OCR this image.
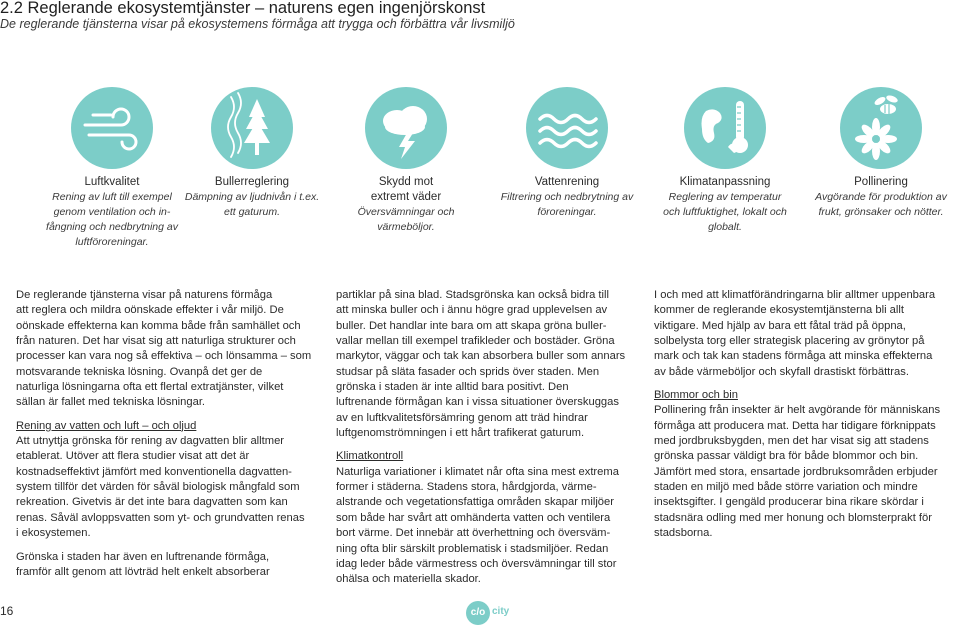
2.2 Reglerande ekosystemtjänster – naturens egen ingenjörskonst
De reglerande tjänsterna visar på ekosystemens förmåga att trygga och förbättra vår livsmiljö
Luftkvalitet
Rening av luft till exempel
genom ventilation och in-
fångning och nedbrytning av
luftföroreningar.
Bullerreglering
Dämpning av ljudnivån i t.ex.
ett gaturum.
Skydd mot
extremt väder
Översvämningar och
värmeböljor.
Vattenrening
Filtrering och nedbrytning av
föroreningar.
Klimatanpassning
Reglering av temperatur
och luftfuktighet, lokalt och
globalt.
Pollinering
Avgörande för produktion av
frukt, grönsaker och nötter.

De reglerande tjänsterna visar på naturens förmåga

att reglera och mildra oönskade effekter i vår miljö. De

oönskade effekterna kan komma både från samhället och

från naturen. Det har visat sig att naturliga strukturer och

processer kan vara nog så effektiva – och lönsamma – som

motsvarande tekniska lösning. Ovanpå det ger de

naturliga lösningarna ofta ett flertal extratjänster, vilket

sällan är fallet med tekniska lösningar.

Rening av vatten och luft – och oljud

Att utnyttja grönska för rening av dagvatten blir alltmer

etablerat. Utöver att flera studier visat att det är

kostnadseffektivt jämfört med konventionella dagvatten-

system tillför det värden för såväl biologisk mångfald som

rekreation. Givetvis är det inte bara dagvatten som kan

renas. Såväl avloppsvatten som yt- och grundvatten renas

i ekosystemen.

Grönska i staden har även en luftrenande förmåga,

framför allt genom att lövträd helt enkelt absorberar

partiklar på sina blad. Stadsgrönska kan också bidra till

att minska buller och i ännu högre grad upplevelsen av

buller. Det handlar inte bara om att skapa gröna buller-

vallar mellan till exempel trafikleder och bostäder. Gröna

markytor, väggar och tak kan absorbera buller som annars

studsar på släta fasader och sprids över staden. Men

grönska i staden är inte alltid bara positivt. Den

luftrenande förmågan kan i vissa situationer överskuggas

av en luftkvalitetsförsämring genom att träd hindrar

luftgenomströmningen i ett hårt trafikerat gaturum.

Klimatkontroll

Naturliga variationer i klimatet når ofta sina mest extrema

former i städerna. Stadens stora, hårdgjorda, värme-

alstrande och vegetationsfattiga områden skapar miljöer

som både har svårt att omhänderta vatten och ventilera

bort värme. Det innebär att överhettning och översväm-

ning ofta blir särskilt problematisk i stadsmiljöer. Redan

idag leder både värmestress och översvämningar till stor

ohälsa och materiella skador.

I och med att klimatförändringarna blir alltmer uppenbara

kommer de reglerande ekosystemtjänsterna bli allt

viktigare. Med hjälp av bara ett fåtal träd på öppna,

solbelysta torg eller strategisk placering av grönytor på

mark och tak kan stadens förmåga att minska effekterna

av både värmeböljor och skyfall drastiskt förbättras.

Blommor och bin

Pollinering från insekter är helt avgörande för människans

förmåga att producera mat. Detta har tidigare förknippats

med jordbruksbygden, men det har visat sig att stadens

grönska passar väldigt bra för både blommor och bin.

Jämfört med stora, ensartade jordbruksområden erbjuder

staden en miljö med både större variation och mindre

insektsgifter. I gengäld producerar bina rikare skördar i

stadsnära odling med mer honung och blomsterprakt för

stadsborna.

16	c/o city
